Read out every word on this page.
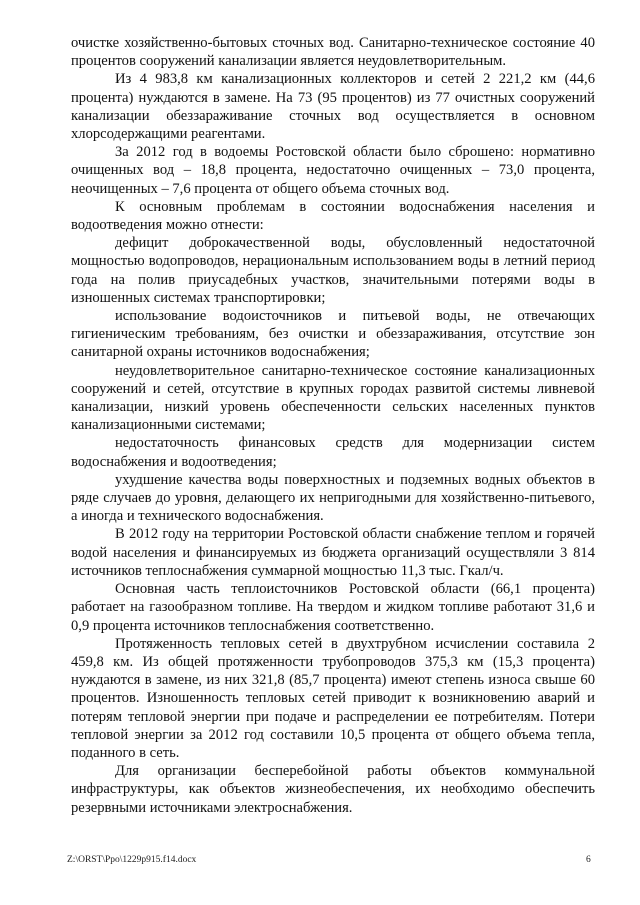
очистке хозяйственно-бытовых сточных вод. Санитарно-техническое состояние 40 процентов сооружений канализации является неудовлетворительным.

Из 4 983,8 км канализационных коллекторов и сетей 2 221,2 км (44,6 процента) нуждаются в замене. На 73 (95 процентов) из 77 очистных сооружений канализации обеззараживание сточных вод осуществляется в основном хлорсодержащими реагентами.

За 2012 год в водоемы Ростовской области было сброшено: нормативно очищенных вод – 18,8 процента, недостаточно очищенных – 73,0 процента, неочищенных – 7,6 процента от общего объема сточных вод.

К основным проблемам в состоянии водоснабжения населения и водоотведения можно отнести:

дефицит доброкачественной воды, обусловленный недостаточной мощностью водопроводов, нерациональным использованием воды в летний период года на полив приусадебных участков, значительными потерями воды в изношенных системах транспортировки;

использование водоисточников и питьевой воды, не отвечающих гигиеническим требованиям, без очистки и обеззараживания, отсутствие зон санитарной охраны источников водоснабжения;

неудовлетворительное санитарно-техническое состояние канализационных сооружений и сетей, отсутствие в крупных городах развитой системы ливневой канализации, низкий уровень обеспеченности сельских населенных пунктов канализационными системами;

недостаточность финансовых средств для модернизации систем водоснабжения и водоотведения;

ухудшение качества воды поверхностных и подземных водных объектов в ряде случаев до уровня, делающего их непригодными для хозяйственно-питьевого, а иногда и технического водоснабжения.

В 2012 году на территории Ростовской области снабжение теплом и горячей водой населения и финансируемых из бюджета организаций осуществляли 3 814 источников теплоснабжения суммарной мощностью 11,3 тыс. Гкал/ч.

Основная часть теплоисточников Ростовской области (66,1 процента) работает на газообразном топливе. На твердом и жидком топливе работают 31,6 и 0,9 процента источников теплоснабжения соответственно.

Протяженность тепловых сетей в двухтрубном исчислении составила 2 459,8 км. Из общей протяженности трубопроводов 375,3 км (15,3 процента) нуждаются в замене, из них 321,8 (85,7 процента) имеют степень износа свыше 60 процентов. Изношенность тепловых сетей приводит к возникновению аварий и потерям тепловой энергии при подаче и распределении ее потребителям. Потери тепловой энергии за 2012 год составили 10,5 процента от общего объема тепла, поданного в сеть.

Для организации бесперебойной работы объектов коммунальной инфраструктуры, как объектов жизнеобеспечения, их необходимо обеспечить резервными источниками электроснабжения.

Z:\ORST\Ppo\1229p915.f14.docx	6
